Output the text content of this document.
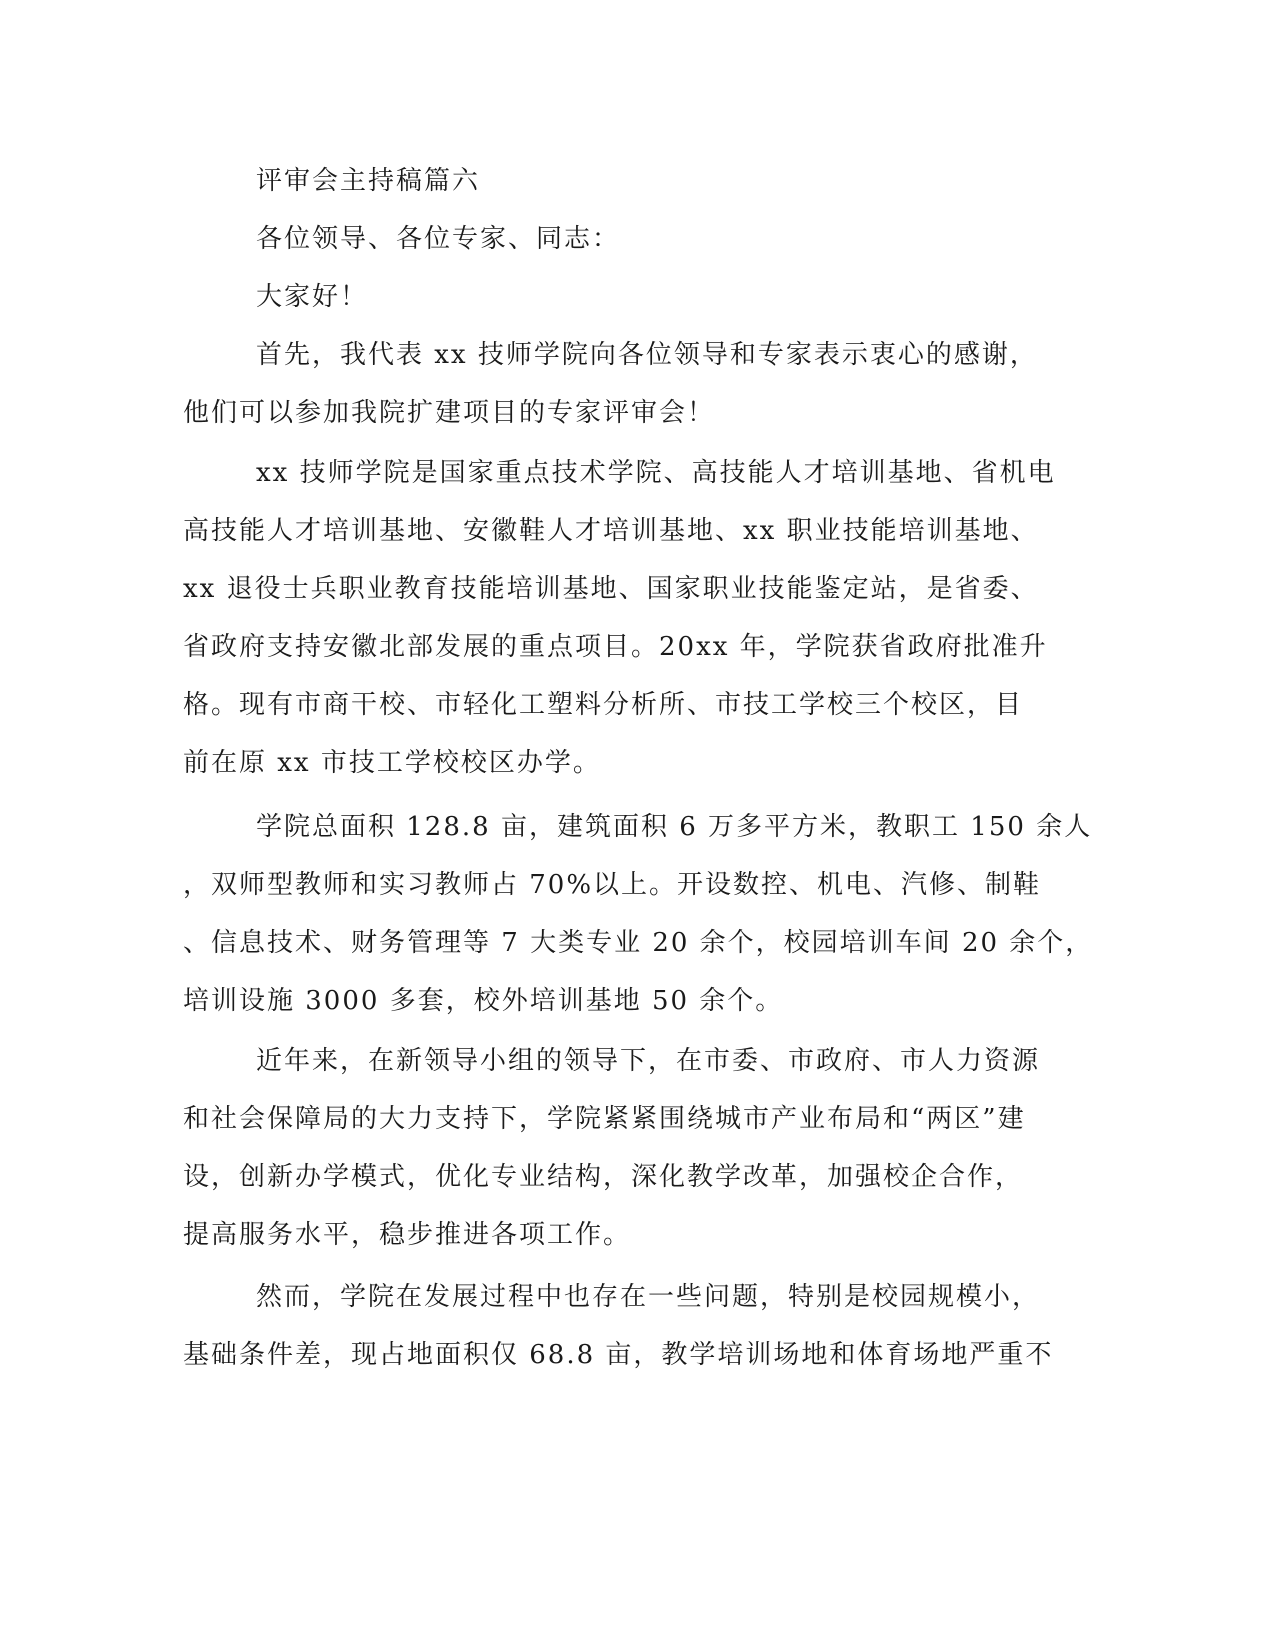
评审会主持稿篇六
各位领导、各位专家、同志：
大家好！
首先，我代表 xx 技师学院向各位领导和专家表示衷心的感谢，
他们可以参加我院扩建项目的专家评审会！
xx 技师学院是国家重点技术学院、高技能人才培训基地、省机电
高技能人才培训基地、安徽鞋人才培训基地、xx 职业技能培训基地、
xx 退役士兵职业教育技能培训基地、国家职业技能鉴定站，是省委、
省政府支持安徽北部发展的重点项目。20xx 年，学院获省政府批准升
格。现有市商干校、市轻化工塑料分析所、市技工学校三个校区，目
前在原 xx 市技工学校校区办学。
学院总面积 128.8 亩，建筑面积 6 万多平方米，教职工 150 余人
，双师型教师和实习教师占 70%以上。开设数控、机电、汽修、制鞋
、信息技术、财务管理等 7 大类专业 20 余个，校园培训车间 20 余个，
培训设施 3000 多套，校外培训基地 50 余个。
近年来，在新领导小组的领导下，在市委、市政府、市人力资源
和社会保障局的大力支持下，学院紧紧围绕城市产业布局和“两区”建
设，创新办学模式，优化专业结构，深化教学改革，加强校企合作，
提高服务水平，稳步推进各项工作。
然而，学院在发展过程中也存在一些问题，特别是校园规模小，
基础条件差，现占地面积仅 68.8 亩，教学培训场地和体育场地严重不
